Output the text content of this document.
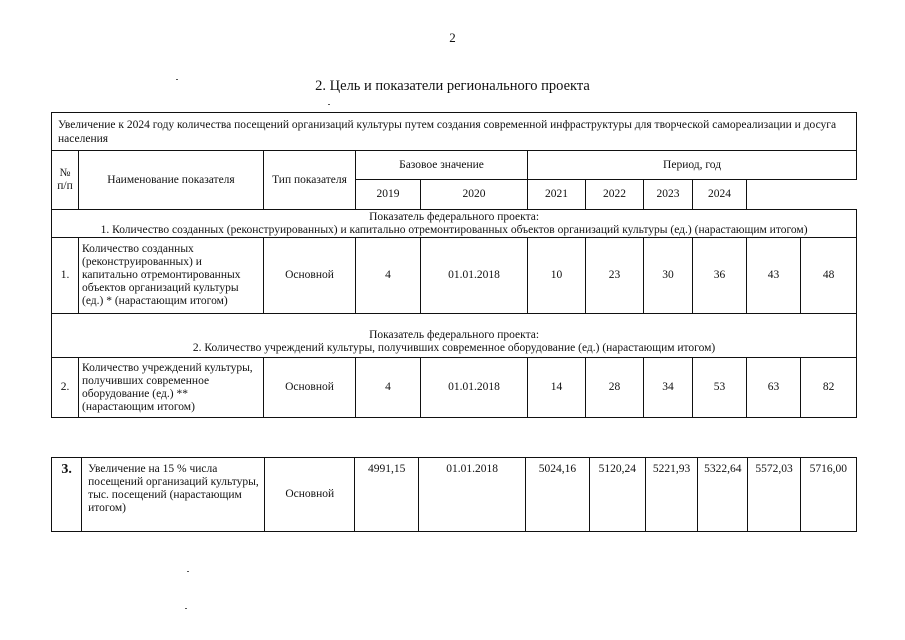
2
2. Цель и показатели регионального проекта
Увеличение к 2024 году количества посещений организаций культуры путем создания современной инфраструктуры для творческой самореализации и досуга населения										
№ п/п	Наименование показателя	Тип показателя	Базовое значение		Период, год					
			2019	2020	2021	2022	2023	2024		

Показатель федерального проекта:
1. Количество созданных (реконструированных) и капитально отремонтированных объектов организаций культуры (ед.) (нарастающим итогом)										

1.	Количество созданных (реконструированных) и капитально отремонтированных объектов организаций культуры (ед.) * (нарастающим итогом)	Основной	4	01.01.2018	10	23	30	36	43	48

Показатель федерального проекта:
2. Количество учреждений культуры, получивших современное оборудование (ед.) (нарастающим итогом)										

2.	Количество учреждений культуры, получивших современное оборудование (ед.) ** (нарастающим итогом)	Основной	4	01.01.2018	14	28	34	53	63	82
3.	Увеличение на 15 % числа посещений организаций культуры, тыс. посещений (нарастающим итогом)	Основной	4991,15	01.01.2018	5024,16	5120,24	5221,93	5322,64	5572,03	5716,00
